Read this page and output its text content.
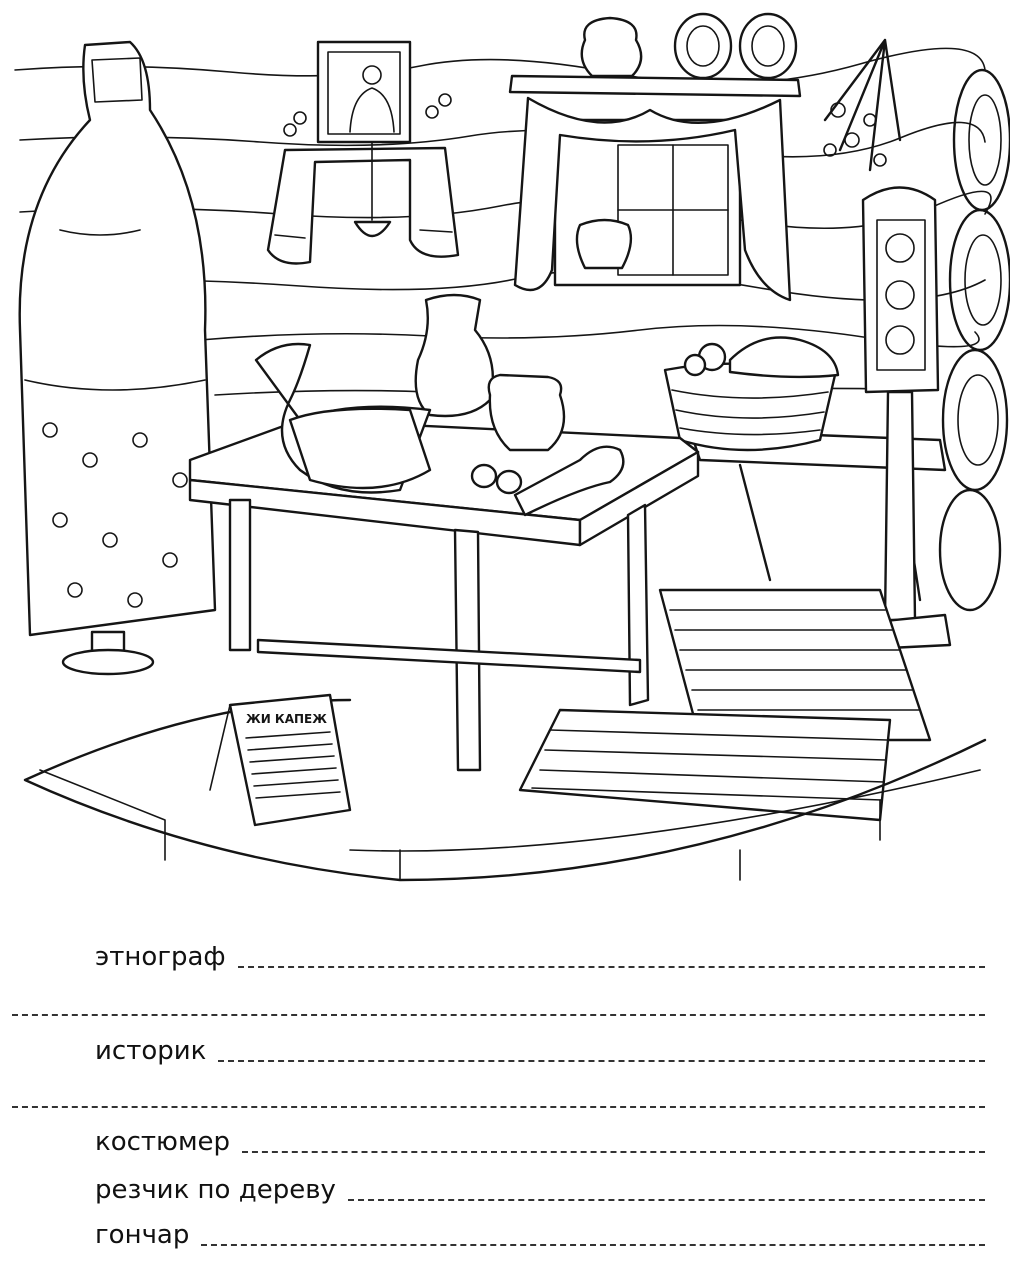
ЖИ КАПЕЖ
этнограф
историк
костюмер
резчик по дереву
гончар
